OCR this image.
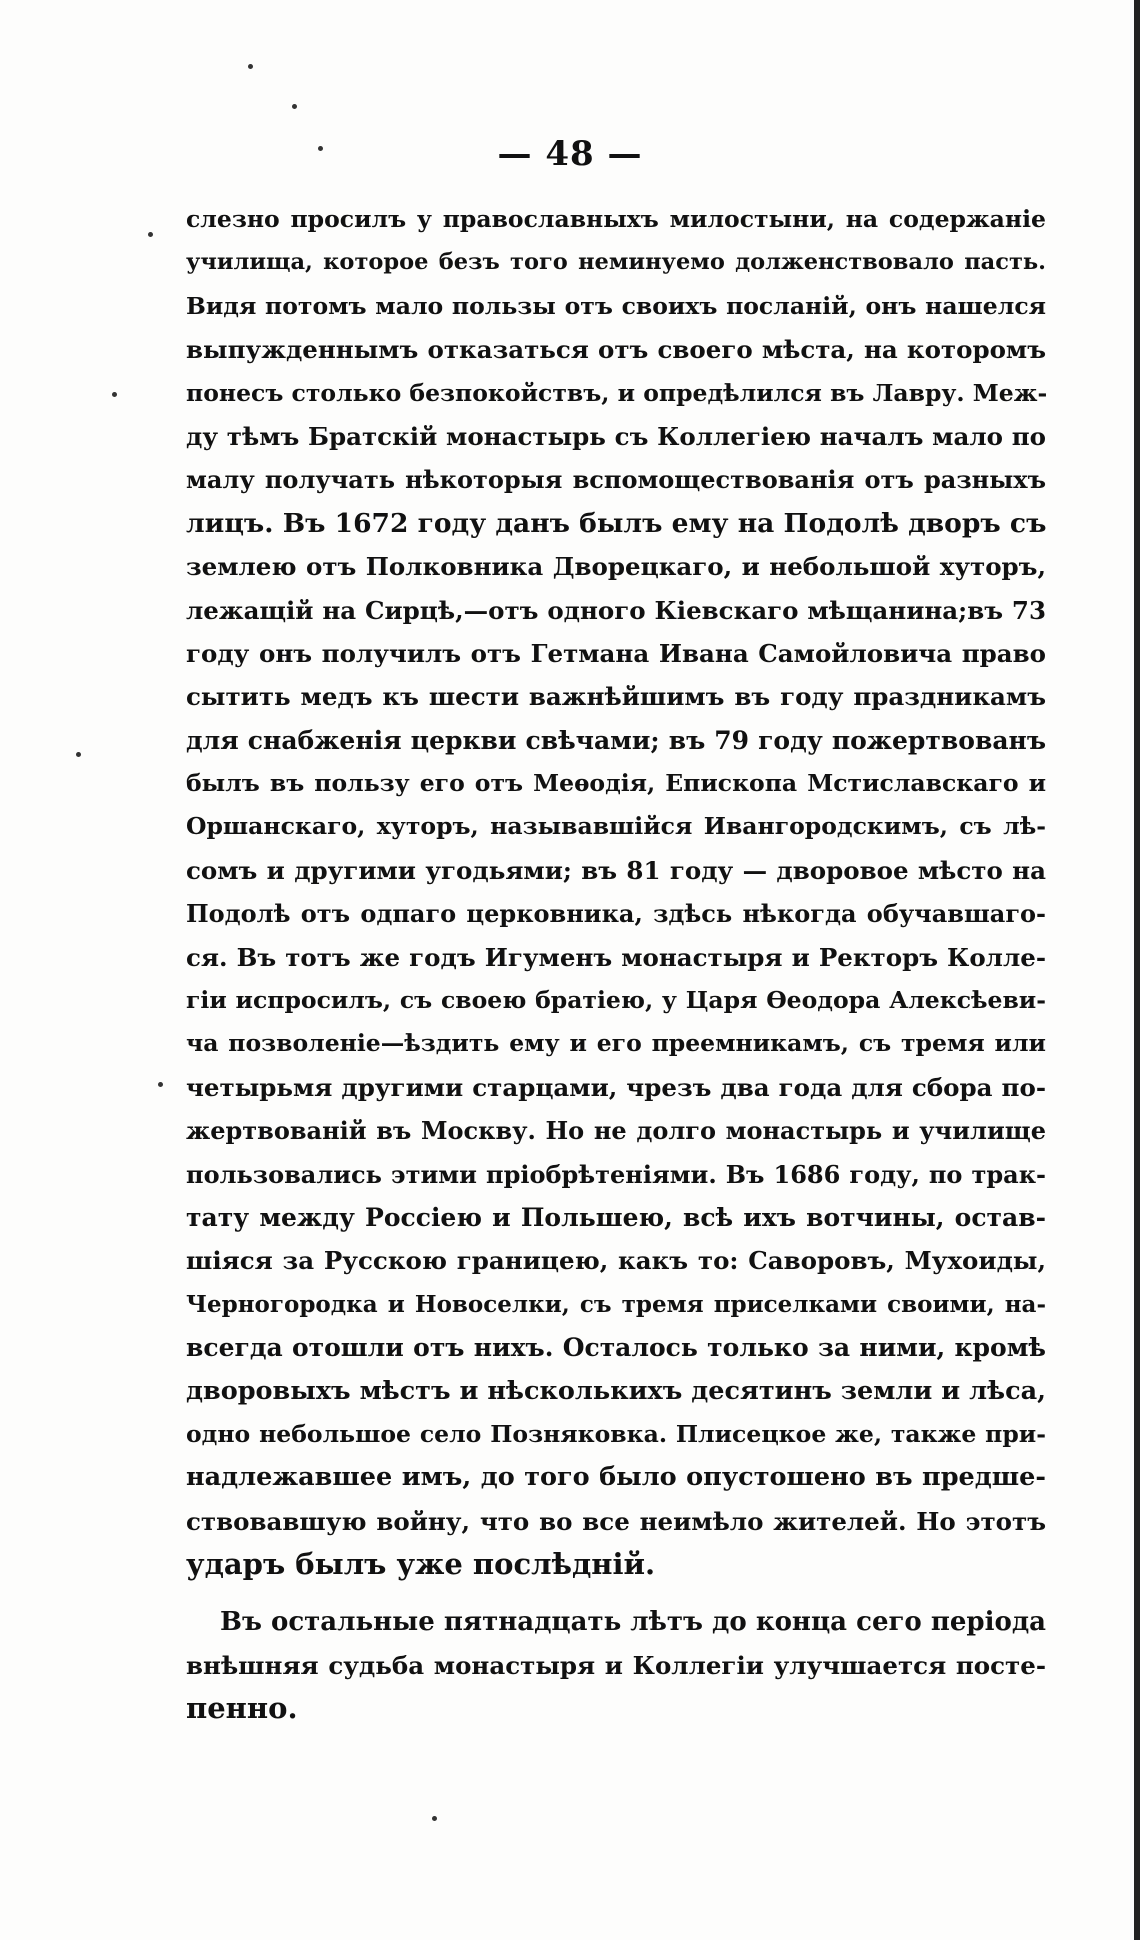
— 48 —
слезно просилъ у православныхъ милостыни, на содержаніе
училища, которое безъ того неминуемо долженствовало пасть.
Видя потомъ мало пользы отъ своихъ посланій, онъ нашелся
выпужденнымъ отказаться отъ своего мѣста, на которомъ
понесъ столько безпокойствъ, и опредѣлился въ Лавру. Меж-
ду тѣмъ Братскій монастырь съ Коллегіею началъ мало по
малу получать нѣкоторыя вспомоществованія отъ разныхъ
лицъ. Въ 1672 году данъ былъ ему на Подолѣ дворъ съ
землею отъ Полковника Дворецкаго, и небольшой хуторъ,
лежащій на Сирцѣ,—отъ одного Кіевскаго мѣщанина;въ 73
году онъ получилъ отъ Гетмана Ивана Самойловича право
сытить медъ къ шести важнѣйшимъ въ году праздникамъ
для снабженія церкви свѣчами; въ 79 году пожертвованъ
былъ въ пользу его отъ Меѳодія, Епископа Мстиславскаго и
Оршанскаго, хуторъ, называвшійся Ивангородскимъ, съ лѣ-
сомъ и другими угодьями; въ 81 году — дворовое мѣсто на
Подолѣ отъ одпаго церковника, здѣсь нѣкогда обучавшаго-
ся. Въ тотъ же годъ Игуменъ монастыря и Ректоръ Колле-
гіи испросилъ, съ своею братіею, у Царя Ѳеодора Алексѣеви-
ча позволеніе—ѣздить ему и его преемникамъ, съ тремя или
четырьмя другими старцами, чрезъ два года для сбора по-
жертвованій въ Москву. Но не долго монастырь и училище
пользовались этими пріобрѣтеніями. Въ 1686 году, по трак-
тату между Россіею и Польшею, всѣ ихъ вотчины, остав-
шіяся за Русскою границею, какъ то: Саворовъ, Мухоиды,
Черногородка и Новоселки, съ тремя приселками своими, на-
всегда отошли отъ нихъ. Осталось только за ними, кромѣ
дворовыхъ мѣстъ и нѣсколькихъ десятинъ земли и лѣса,
одно небольшое село Позняковка. Плисецкое же, также при-
надлежавшее имъ, до того было опустошено въ предше-
ствовавшую войну, что во все неимѣло жителей. Но этотъ
ударъ былъ уже послѣдній.
Въ остальные пятнадцать лѣтъ до конца сего періода
внѣшняя судьба монастыря и Коллегіи улучшается посте-
пенно.
